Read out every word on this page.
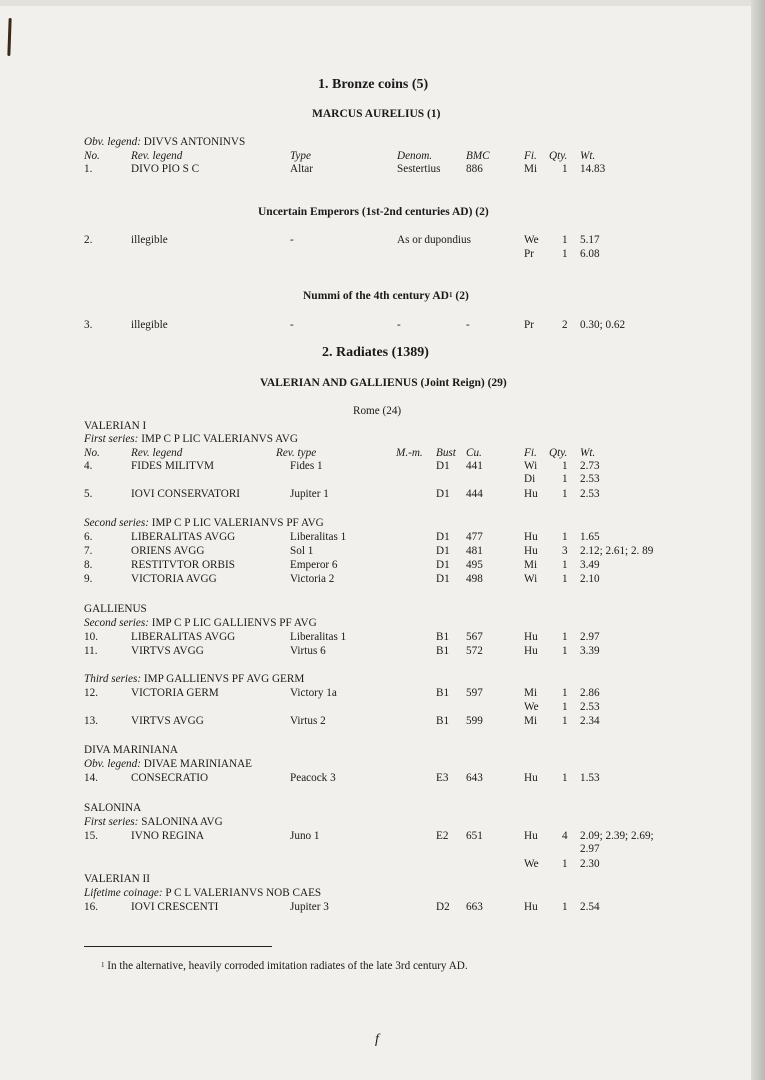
1. Bronze coins (5)
MARCUS AURELIUS (1)
Obv. legend: DIVVS ANTONINVS
No.	Rev. legend	Type	Denom.	BMC	Fi. Qty. Wt.
1.	DIVO PIO S C	Altar	Sestertius 886	Mi 1 14.83
Uncertain Emperors (1st-2nd centuries AD) (2)
2.	illegible	-	As or dupondius	We 1 5.17
Pr	1 6.08
Nummi of the 4th century $AD^1$ (2)
3.	illegible	-	-	-	Pr	2 0.30; 0.62
2. Radiates (1389)
VALERIAN AND GALLIENUS (Joint Reign) (29)
Rome (24)
VALERIAN I
First series: IMP C P LIC VALERIANVS AVG
No.	Rev. legend	Rev. type	M.-m. Bust Cu.	Fi. Qty. Wt.
4.	FIDES MILITVM	Fides 1	D1 441	Wi 1 2.73
Di 1 2.53
5.	IOVI CONSERVATORI	Jupiter 1	D1 444	Hu 1 2.53
Second series: IMP C P LIC VALERIANVS PF AVG
6.	LIBERALITAS AVGG	Liberalitas 1	D1 477	Hu 1 1.65
7.	ORIENS AVGG	Sol 1	D1 481	Hu 3 2.12; 2.61; 2. 89
8.	RESTITVTOR ORBIS	Emperor 6	D1 495	Mi 1 3.49
9.	VICTORIA AVGG	Victoria 2	D1 498	Wi 1 2.10
GALLIENUS
Second series: IMP C P LIC GALLIENVS PF AVG
10.	LIBERALITAS AVGG	Liberalitas 1	B1 567	Hu 1 2.97
11.	VIRTVS AVGG	Virtus 6	B1 572	Hu 1 3.39
Third series: IMP GALLIENVS PF AVG GERM
12.	VICTORIA GERM	Victory 1a	B1 597	Mi 1 2.86
We 1 2.53
13.	VIRTVS AVGG	Virtus 2	B1 599	Mi 1 2.34
DIVA MARINIANA
Obv. legend: DIVAE MARINIANAE
14.	CONSECRATIO	Peacock 3	E3 643	Hu 1 1.53
SALONINA
First series: SALONINA AVG
15.	IVNO REGINA	Juno 1	E2 651	Hu 4 2.09; 2.39; 2.69;
2.97
We 1 2.30
VALERIAN II
Lifetime coinage: P C L VALERIANVS NOB CAES
16.	IOVI CRESCENTI	Jupiter 3	D2 663	Hu 1 2.54
$^1$ In the alternative, heavily corroded imitation radiates of the late 3rd century AD.
f
